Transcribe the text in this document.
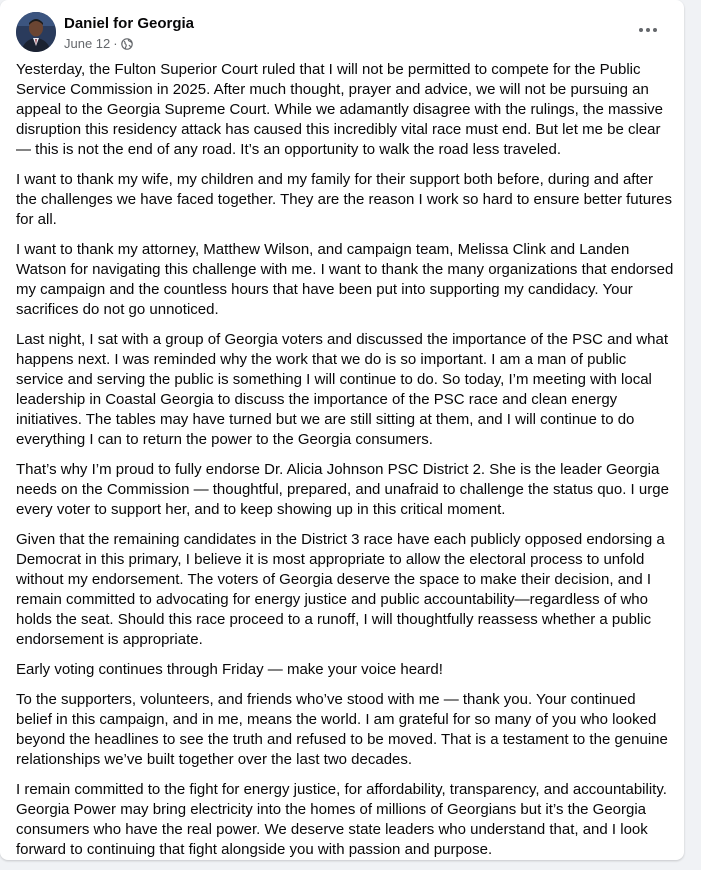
Daniel for Georgia
June 12 ·

Yesterday, the Fulton Superior Court ruled that I will not be permitted to compete for the Public Service Commission in 2025. After much thought, prayer and advice, we will not be pursuing an appeal to the Georgia Supreme Court. While we adamantly disagree with the rulings, the massive disruption this residency attack has caused this incredibly vital race must end. But let me be clear — this is not the end of any road. It’s an opportunity to walk the road less traveled.

I want to thank my wife, my children and my family for their support both before, during and after the challenges we have faced together. They are the reason I work so hard to ensure better futures for all.

I want to thank my attorney, Matthew Wilson, and campaign team, Melissa Clink and Landen Watson for navigating this challenge with me. I want to thank the many organizations that endorsed my campaign and the countless hours that have been put into supporting my candidacy. Your sacrifices do not go unnoticed.

Last night, I sat with a group of Georgia voters and discussed the importance of the PSC and what happens next. I was reminded why the work that we do is so important. I am a man of public service and serving the public is something I will continue to do. So today, I’m meeting with local leadership in Coastal Georgia to discuss the importance of the PSC race and clean energy initiatives. The tables may have turned but we are still sitting at them, and I will continue to do everything I can to return the power to the Georgia consumers.

That’s why I’m proud to fully endorse Dr. Alicia Johnson PSC District 2. She is the leader Georgia needs on the Commission — thoughtful, prepared, and unafraid to challenge the status quo. I urge every voter to support her, and to keep showing up in this critical moment.

Given that the remaining candidates in the District 3 race have each publicly opposed endorsing a Democrat in this primary, I believe it is most appropriate to allow the electoral process to unfold without my endorsement. The voters of Georgia deserve the space to make their decision, and I remain committed to advocating for energy justice and public accountability—regardless of who holds the seat. Should this race proceed to a runoff, I will thoughtfully reassess whether a public endorsement is appropriate.

Early voting continues through Friday — make your voice heard!

To the supporters, volunteers, and friends who’ve stood with me — thank you. Your continued belief in this campaign, and in me, means the world. I am grateful for so many of you who looked beyond the headlines to see the truth and refused to be moved. That is a testament to the genuine relationships we’ve built together over the last two decades.

I remain committed to the fight for energy justice, for affordability, transparency, and accountability. Georgia Power may bring electricity into the homes of millions of Georgians but it’s the Georgia consumers who have the real power. We deserve state leaders who understand that, and I look forward to continuing that fight alongside you with passion and purpose.
